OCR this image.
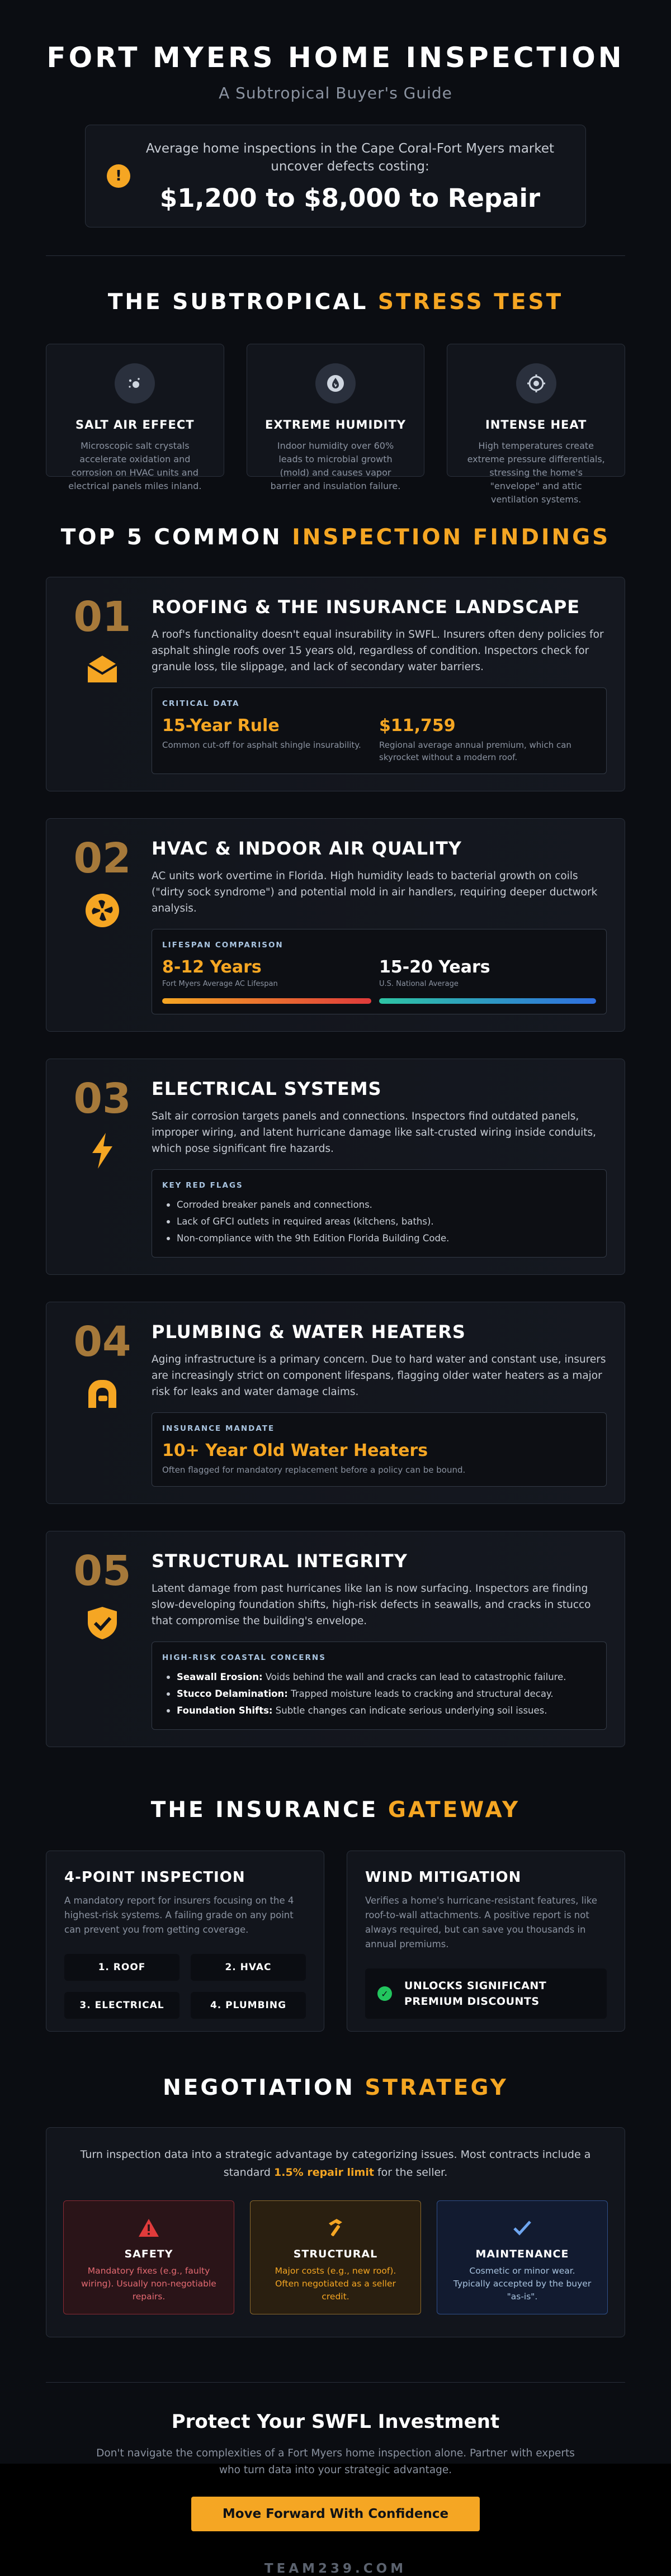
FORT MYERS HOME INSPECTION
A Subtropical Buyer's Guide
!
Average home inspections in the Cape Coral-Fort Myers market uncover defects costing:
$1,200 to $8,000 to Repair
THE SUBTROPICAL STRESS TEST
SALT AIR EFFECT
Microscopic salt crystals accelerate oxidation and corrosion on HVAC units and electrical panels miles inland.
EXTREME HUMIDITY
Indoor humidity over 60% leads to microbial growth (mold) and causes vapor barrier and insulation failure.
INTENSE HEAT
High temperatures create extreme pressure differentials, stressing the home's "envelope" and attic ventilation systems.
TOP 5 COMMON INSPECTION FINDINGS
01	ROOFING & THE INSURANCE LANDSCAPE
A roof's functionality doesn't equal insurability in SWFL. Insurers often deny policies for asphalt shingle roofs over 15 years old, regardless of condition. Inspectors check for granule loss, tile slippage, and lack of secondary water barriers.
CRITICAL DATA
15-Year Rule
Common cut-off for asphalt shingle insurability.
$11,759
Regional average annual premium, which can skyrocket without a modern roof.
02	HVAC & INDOOR AIR QUALITY
AC units work overtime in Florida. High humidity leads to bacterial growth on coils ("dirty sock syndrome") and potential mold in air handlers, requiring deeper ductwork analysis.
LIFESPAN COMPARISON
8-12 Years
Fort Myers Average AC Lifespan
15-20 Years
U.S. National Average
03	ELECTRICAL SYSTEMS
Salt air corrosion targets panels and connections. Inspectors find outdated panels, improper wiring, and latent hurricane damage like salt-crusted wiring inside conduits, which pose significant fire hazards.
KEY RED FLAGS
Corroded breaker panels and connections.
Lack of GFCI outlets in required areas (kitchens, baths).
Non-compliance with the 9th Edition Florida Building Code.
04	PLUMBING & WATER HEATERS
Aging infrastructure is a primary concern. Due to hard water and constant use, insurers are increasingly strict on component lifespans, flagging older water heaters as a major risk for leaks and water damage claims.
INSURANCE MANDATE
10+ Year Old Water Heaters
Often flagged for mandatory replacement before a policy can be bound.
05	STRUCTURAL INTEGRITY
Latent damage from past hurricanes like Ian is now surfacing. Inspectors are finding slow-developing foundation shifts, high-risk defects in seawalls, and cracks in stucco that compromise the building's envelope.
HIGH-RISK COASTAL CONCERNS
Seawall Erosion: Voids behind the wall and cracks can lead to catastrophic failure.
Stucco Delamination: Trapped moisture leads to cracking and structural decay.
Foundation Shifts: Subtle changes can indicate serious underlying soil issues.
THE INSURANCE GATEWAY
4-POINT INSPECTION
A mandatory report for insurers focusing on the 4 highest-risk systems. A failing grade on any point can prevent you from getting coverage.
1. ROOF	2. HVAC
3. ELECTRICAL	4. PLUMBING
WIND MITIGATION
Verifies a home's hurricane-resistant features, like roof-to-wall attachments. A positive report is not always required, but can save you thousands in annual premiums.
✓
UNLOCKS SIGNIFICANT PREMIUM DISCOUNTS
NEGOTIATION STRATEGY
Turn inspection data into a strategic advantage by categorizing issues. Most contracts include a standard 1.5% repair limit for the seller.
SAFETY
Mandatory fixes (e.g., faulty wiring). Usually non-negotiable repairs.
STRUCTURAL
Major costs (e.g., new roof). Often negotiated as a seller credit.
MAINTENANCE
Cosmetic or minor wear. Typically accepted by the buyer "as-is".
Protect Your SWFL Investment
Don't navigate the complexities of a Fort Myers home inspection alone. Partner with experts who turn data into your strategic advantage.
Move Forward With Confidence
TEAM239.COM
